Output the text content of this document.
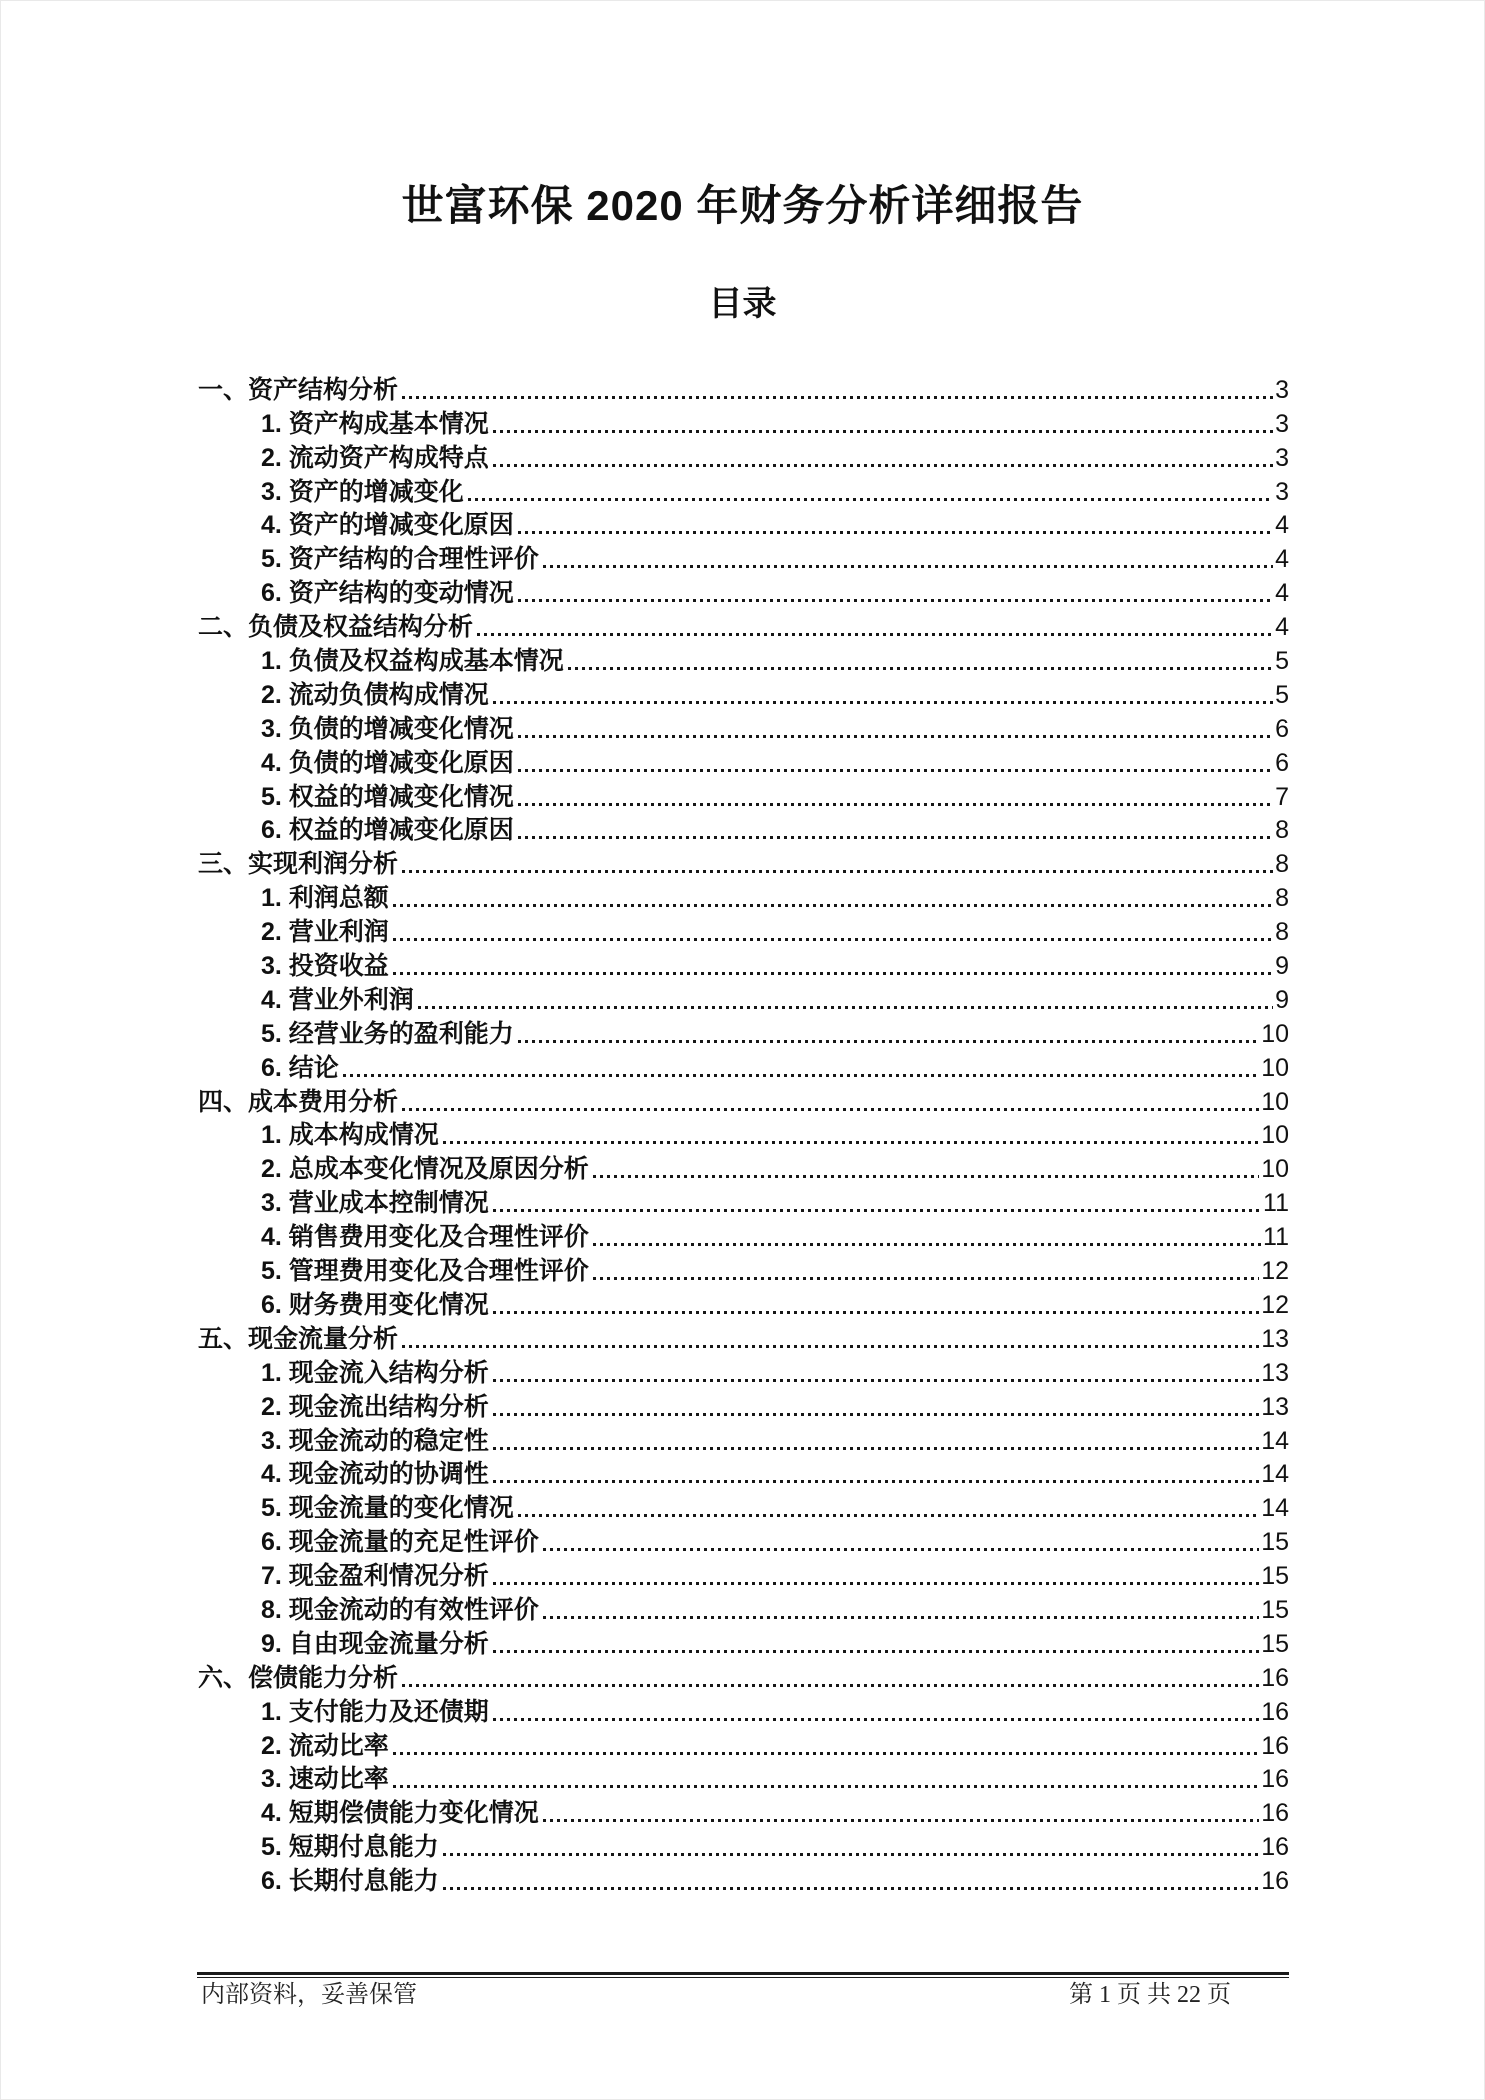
世富环保 2020 年财务分析详细报告
目录
一、资产结构分析	3
1. 资产构成基本情况	3
2. 流动资产构成特点	3
3. 资产的增减变化	3
4. 资产的增减变化原因	4
5. 资产结构的合理性评价	4
6. 资产结构的变动情况	4
二、负债及权益结构分析	4
1. 负债及权益构成基本情况	5
2. 流动负债构成情况	5
3. 负债的增减变化情况	6
4. 负债的增减变化原因	6
5. 权益的增减变化情况	7
6. 权益的增减变化原因	8
三、实现利润分析	8
1. 利润总额	8
2. 营业利润	8
3. 投资收益	9
4. 营业外利润	9
5. 经营业务的盈利能力	10
6. 结论	10
四、成本费用分析	10
1. 成本构成情况	10
2. 总成本变化情况及原因分析	10
3. 营业成本控制情况	11
4. 销售费用变化及合理性评价	11
5. 管理费用变化及合理性评价	12
6. 财务费用变化情况	12
五、现金流量分析	13
1. 现金流入结构分析	13
2. 现金流出结构分析	13
3. 现金流动的稳定性	14
4. 现金流动的协调性	14
5. 现金流量的变化情况	14
6. 现金流量的充足性评价	15
7. 现金盈利情况分析	15
8. 现金流动的有效性评价	15
9. 自由现金流量分析	15
六、偿债能力分析	16
1. 支付能力及还债期	16
2. 流动比率	16
3. 速动比率	16
4. 短期偿债能力变化情况	16
5. 短期付息能力	16
6. 长期付息能力	16
内部资料，妥善保管	第 1 页 共 22 页
